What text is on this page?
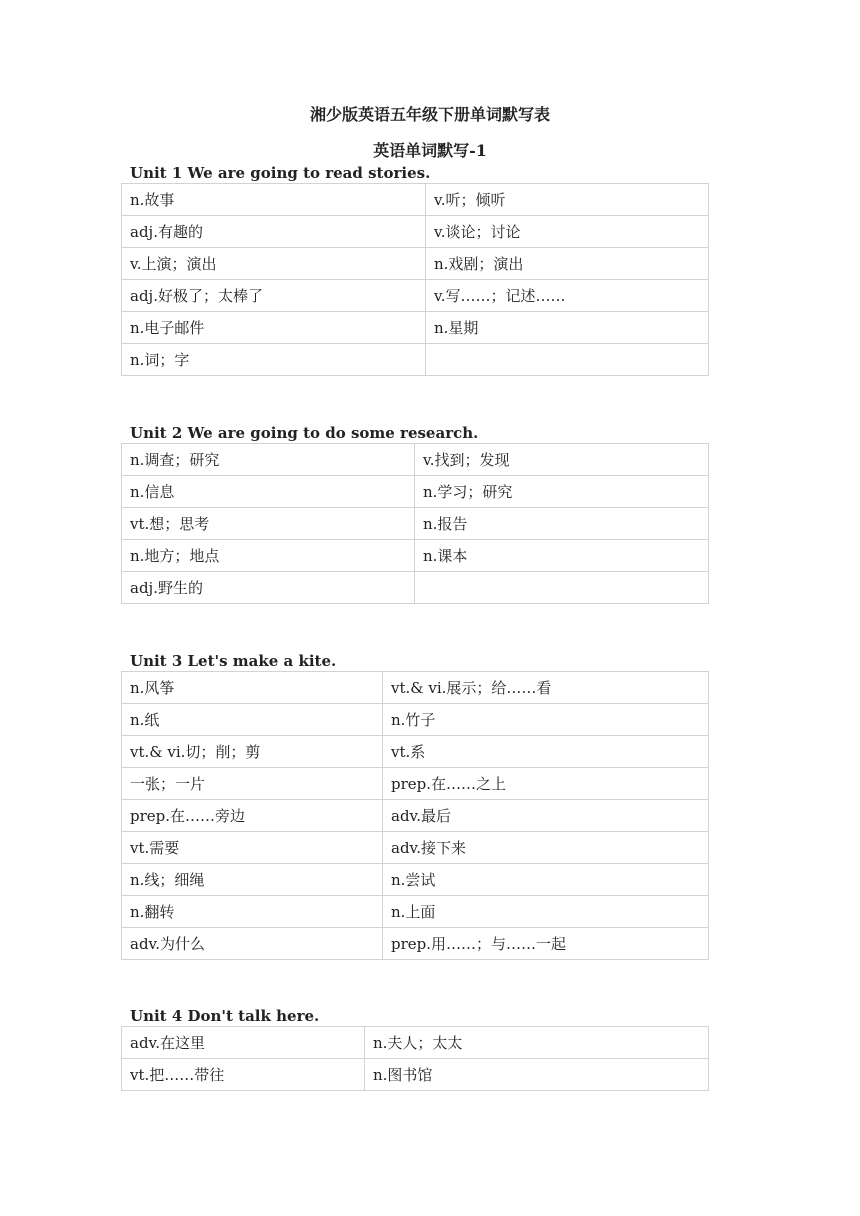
湘少版英语五年级下册单词默写表
英语单词默写-1
Unit 1 We are going to read stories.
n.故事	v.听；倾听
adj.有趣的	v.谈论；讨论
v.上演；演出	n.戏剧；演出
adj.好极了；太棒了	v.写……；记述……
n.电子邮件	n.星期
n.词；字	
Unit 2 We are going to do some research.
n.调查；研究	v.找到；发现
n.信息	n.学习；研究
vt.想；思考	n.报告
n.地方；地点	n.课本
adj.野生的	
Unit 3 Let's make a kite.
n.风筝	vt.& vi.展示；给……看
n.纸	n.竹子
vt.& vi.切；削；剪	vt.系
一张；一片	prep.在……之上
prep.在……旁边	adv.最后
vt.需要	adv.接下来
n.线；细绳	n.尝试
n.翻转	n.上面
adv.为什么	prep.用……；与……一起
Unit 4 Don't talk here.
adv.在这里	n.夫人；太太
vt.把……带往	n.图书馆
